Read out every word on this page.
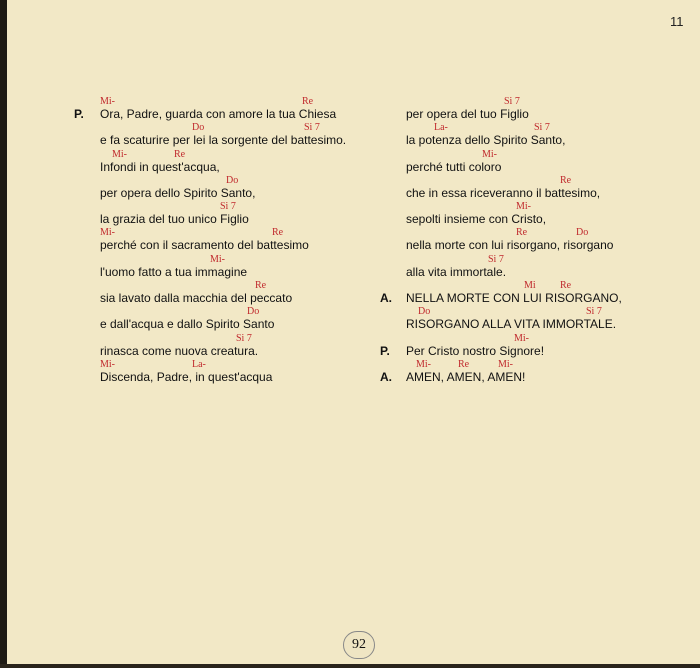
11
Mi-	Re
P. Ora, Padre, guarda con amore la tua Chiesa
Do	Si 7
e fa scaturire per lei la sorgente del battesimo.
Mi-	Re
Infondi in quest'acqua,
Do
per opera dello Spirito Santo,
Si 7
la grazia del tuo unico Figlio
Mi-	Re
perché con il sacramento del battesimo
Mi-
l'uomo fatto a tua immagine
Re
sia lavato dalla macchia del peccato
Do
e dall'acqua e dallo Spirito Santo
Si 7
rinasca come nuova creatura.
Mi-	La-
Discenda, Padre, in quest'acqua
Si 7
per opera del tuo Figlio
La-	Si 7
la potenza dello Spirito Santo,
Mi-
perché tutti coloro
Re
che in essa riceveranno il battesimo,
Mi-
sepolti insieme con Cristo,
Re	Do
nella morte con lui risorgano, risorgano
Si 7
alla vita immortale.
Mi Re
A. NELLA MORTE CON LUI RISORGANO,
Do	Si 7
RISORGANO ALLA VITA IMMORTALE.
Mi-
P. Per Cristo nostro Signore!
Mi-	Re	Mi-
A. AMEN, AMEN, AMEN!
92
